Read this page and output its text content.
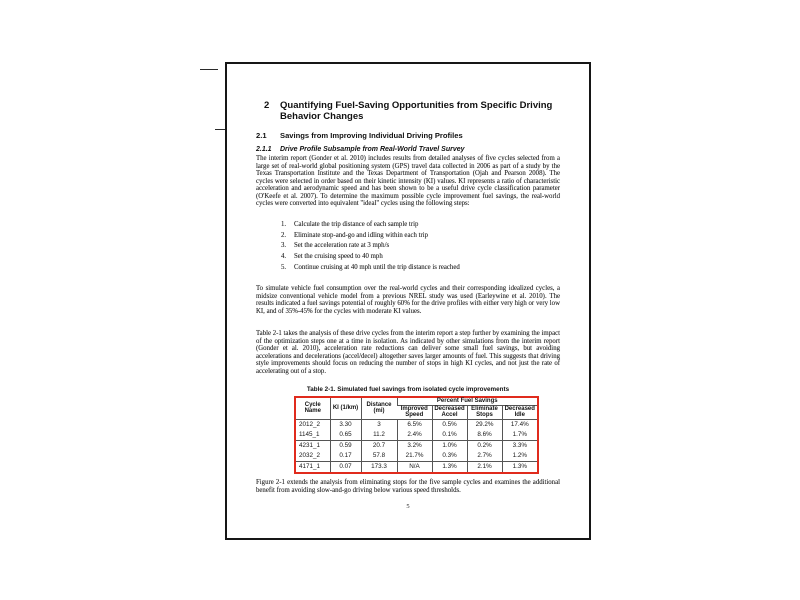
2	Quantifying Fuel-Saving Opportunities from Specific Driving Behavior Changes
2.1	Savings from Improving Individual Driving Profiles
2.1.1	Drive Profile Subsample from Real-World Travel Survey
The interim report (Gonder et al. 2010) includes results from detailed analyses of five cycles selected from a large set of real-world global positioning system (GPS) travel data collected in 2006 as part of a study by the Texas Transportation Institute and the Texas Department of Transportation (Ojah and Pearson 2008). The cycles were selected in order based on their kinetic intensity (KI) values. KI represents a ratio of characteristic acceleration and aerodynamic speed and has been shown to be a useful drive cycle classification parameter (O'Keefe et al. 2007). To determine the maximum possible cycle improvement fuel savings, the real-world cycles were converted into equivalent "ideal" cycles using the following steps:
1.	Calculate the trip distance of each sample trip
2.	Eliminate stop-and-go and idling within each trip
3.	Set the acceleration rate at 3 mph/s
4.	Set the cruising speed to 40 mph
5.	Continue cruising at 40 mph until the trip distance is reached
To simulate vehicle fuel consumption over the real-world cycles and their corresponding idealized cycles, a midsize conventional vehicle model from a previous NREL study was used (Earleywine et al. 2010). The results indicated a fuel savings potential of roughly 60% for the drive profiles with either very high or very low KI, and of 35%-45% for the cycles with moderate KI values.
Table 2-1 takes the analysis of these drive cycles from the interim report a step further by examining the impact of the optimization steps one at a time in isolation. As indicated by other simulations from the interim report (Gonder et al. 2010), acceleration rate reductions can deliver some small fuel savings, but avoiding accelerations and decelerations (accel/decel) altogether saves larger amounts of fuel. This suggests that driving style improvements should focus on reducing the number of stops in high KI cycles, and not just the rate of accelerating out of a stop.
Table 2-1. Simulated fuel savings from isolated cycle improvements
Cycle Name	KI (1/km)	Distance (mi)	Percent Fuel Savings			
			Improved Speed	Decreased Accel	Eliminate Stops	Decreased Idle
2012_2	3.30	3	6.5%	0.5%	29.2%	17.4%
1145_1	0.65	11.2	2.4%	0.1%	8.6%	1.7%
4231_1	0.59	20.7	3.2%	1.0%	0.2%	3.3%
2032_2	0.17	57.8	21.7%	0.3%	2.7%	1.2%
4171_1	0.07	173.3	N/A	1.3%	2.1%	1.3%
Figure 2-1 extends the analysis from eliminating stops for the five sample cycles and examines the additional benefit from avoiding slow-and-go driving below various speed thresholds.
5
